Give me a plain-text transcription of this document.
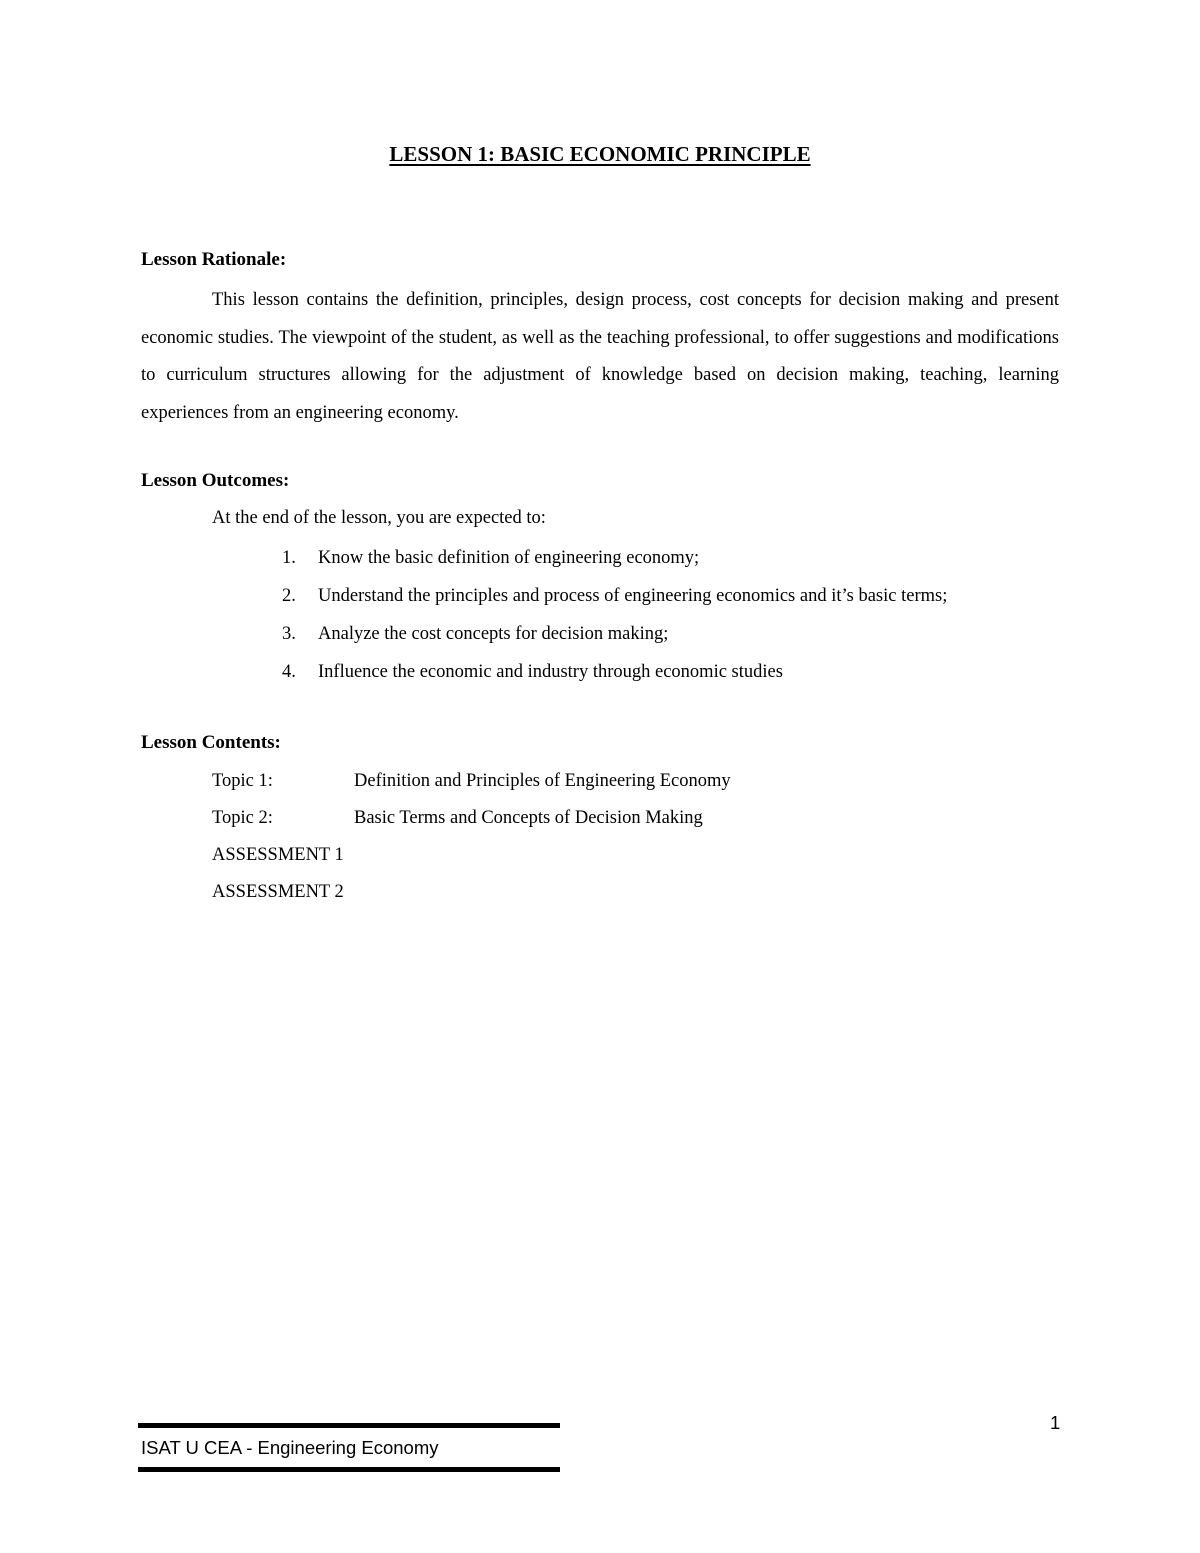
LESSON 1: BASIC ECONOMIC PRINCIPLE
Lesson Rationale:
This lesson contains the definition, principles, design process, cost concepts for decision making and present economic studies. The viewpoint of the student, as well as the teaching professional, to offer suggestions and modifications to curriculum structures allowing for the adjustment of knowledge based on decision making, teaching, learning experiences from an engineering economy.
Lesson Outcomes:
At the end of the lesson, you are expected to:
1. Know the basic definition of engineering economy;
2. Understand the principles and process of engineering economics and it’s basic terms;
3. Analyze the cost concepts for decision making;
4. Influence the economic and industry through economic studies
Lesson Contents:
Topic 1:	Definition and Principles of Engineering Economy
Topic 2:	Basic Terms and Concepts of Decision Making
ASSESSMENT 1
ASSESSMENT 2
1
ISAT U CEA - Engineering Economy
